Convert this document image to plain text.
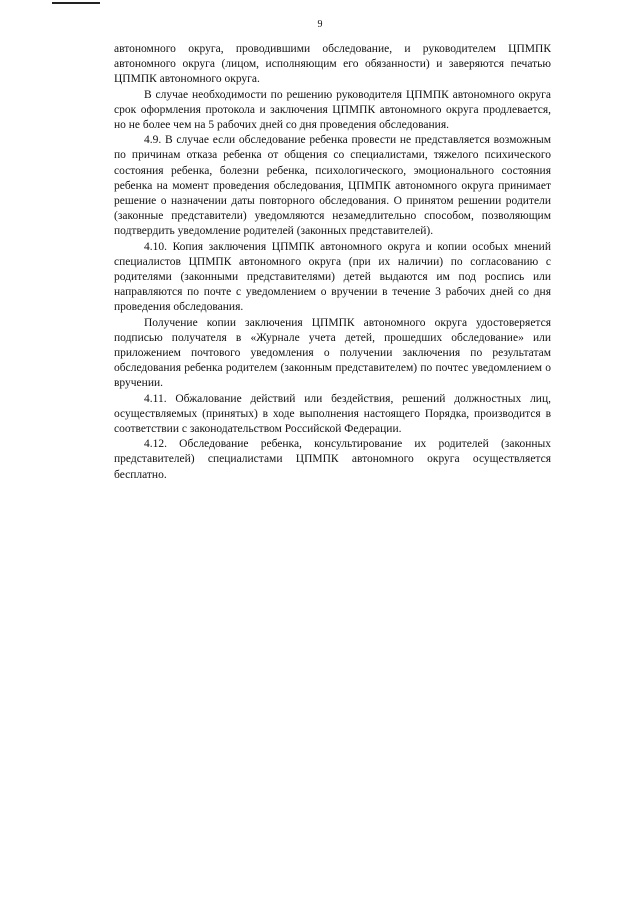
9

автономного округа, проводившими обследование, и руководителем ЦПМПК автономного округа (лицом, исполняющим его обязанности) и заверяются печатью ЦПМПК автономного округа.

В случае необходимости по решению руководителя ЦПМПК автономного округа срок оформления протокола и заключения ЦПМПК автономного округа продлевается, но не более чем на 5 рабочих дней со дня проведения обследования.

4.9. В случае если обследование ребенка провести не представляется возможным по причинам отказа ребенка от общения со специалистами, тяжелого психического состояния ребенка, болезни ребенка, психологического, эмоционального состояния ребенка на момент проведения обследования, ЦПМПК автономного округа принимает решение о назначении даты повторного обследования. О принятом решении родители (законные представители) уведомляются незамедлительно способом, позволяющим подтвердить уведомление родителей (законных представителей).

4.10. Копия заключения ЦПМПК автономного округа и копии особых мнений специалистов ЦПМПК автономного округа (при их наличии) по согласованию с родителями (законными представителями) детей выдаются им под роспись или направляются по почте с уведомлением о вручении в течение 3 рабочих дней со дня проведения обследования.

Получение копии заключения ЦПМПК автономного округа удостоверяется подписью получателя в «Журнале учета детей, прошедших обследование» или приложением почтового уведомления о получении заключения по результатам обследования ребенка родителем (законным представителем) по почтес уведомлением о вручении.

4.11. Обжалование действий или бездействия, решений должностных лиц, осуществляемых (принятых) в ходе выполнения настоящего Порядка, производится в соответствии с законодательством Российской Федерации.

4.12. Обследование ребенка, консультирование их родителей (законных представителей) специалистами ЦПМПК автономного округа осуществляется бесплатно.
